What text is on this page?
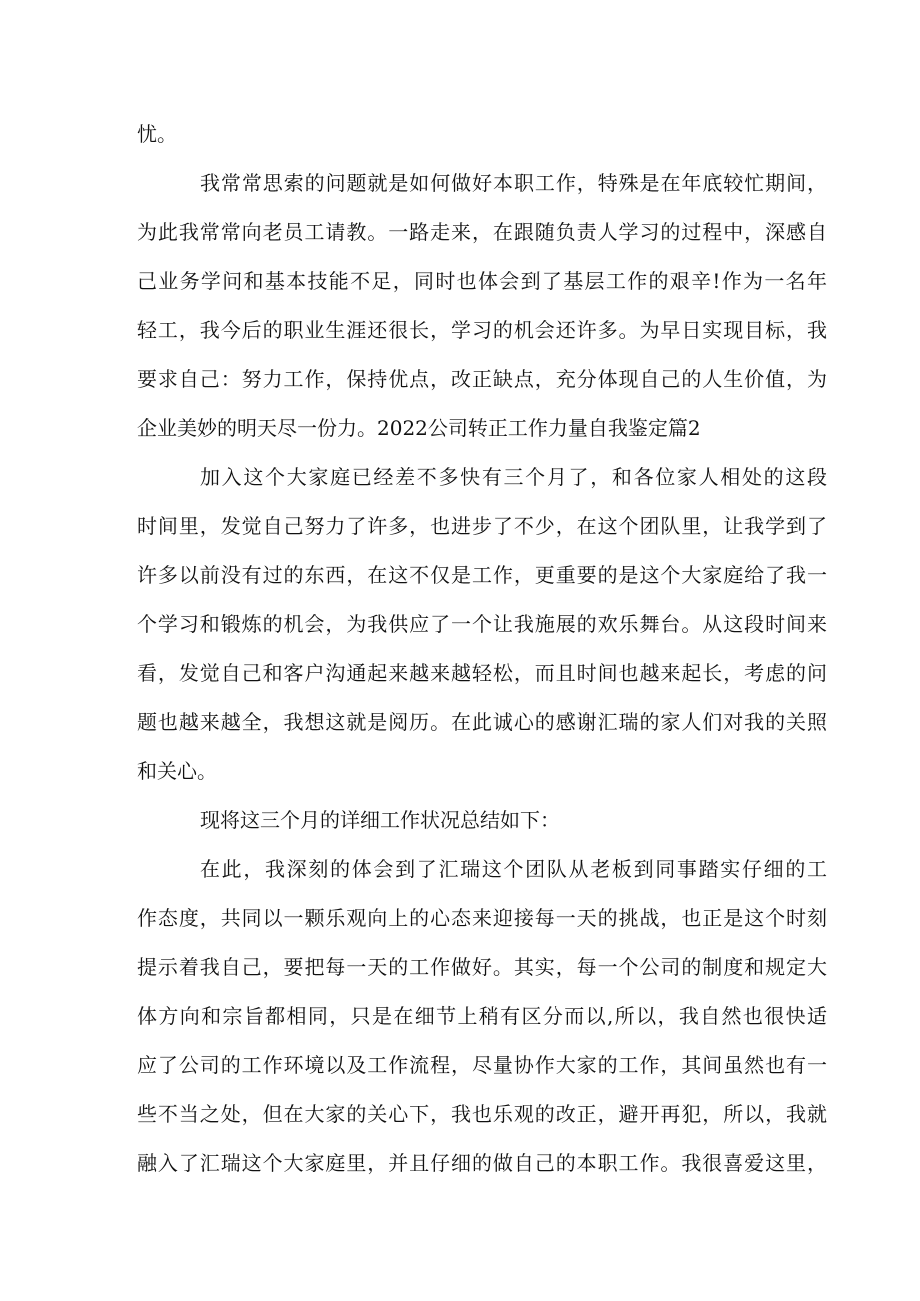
忧。
我常常思索的问题就是如何做好本职工作，特殊是在年底较忙期间，
为此我常常向老员工请教。一路走来，在跟随负责人学习的过程中，深感自
己业务学问和基本技能不足，同时也体会到了基层工作的艰辛!作为一名年
轻工，我今后的职业生涯还很长，学习的机会还许多。为早日实现目标，我
要求自己：努力工作，保持优点，改正缺点，充分体现自己的人生价值，为
企业美妙的明天尽一份力。2022公司转正工作力量自我鉴定篇2
加入这个大家庭已经差不多快有三个月了，和各位家人相处的这段
时间里，发觉自己努力了许多，也进步了不少，在这个团队里，让我学到了
许多以前没有过的东西，在这不仅是工作，更重要的是这个大家庭给了我一
个学习和锻炼的机会，为我供应了一个让我施展的欢乐舞台。从这段时间来
看，发觉自己和客户沟通起来越来越轻松，而且时间也越来起长，考虑的问
题也越来越全，我想这就是阅历。在此诚心的感谢汇瑞的家人们对我的关照
和关心。
现将这三个月的详细工作状况总结如下：
在此，我深刻的体会到了汇瑞这个团队从老板到同事踏实仔细的工
作态度，共同以一颗乐观向上的心态来迎接每一天的挑战，也正是这个时刻
提示着我自己，要把每一天的工作做好。其实，每一个公司的制度和规定大
体方向和宗旨都相同，只是在细节上稍有区分而以,所以，我自然也很快适
应了公司的工作环境以及工作流程，尽量协作大家的工作，其间虽然也有一
些不当之处，但在大家的关心下，我也乐观的改正，避开再犯，所以，我就
融入了汇瑞这个大家庭里，并且仔细的做自己的本职工作。我很喜爱这里，
